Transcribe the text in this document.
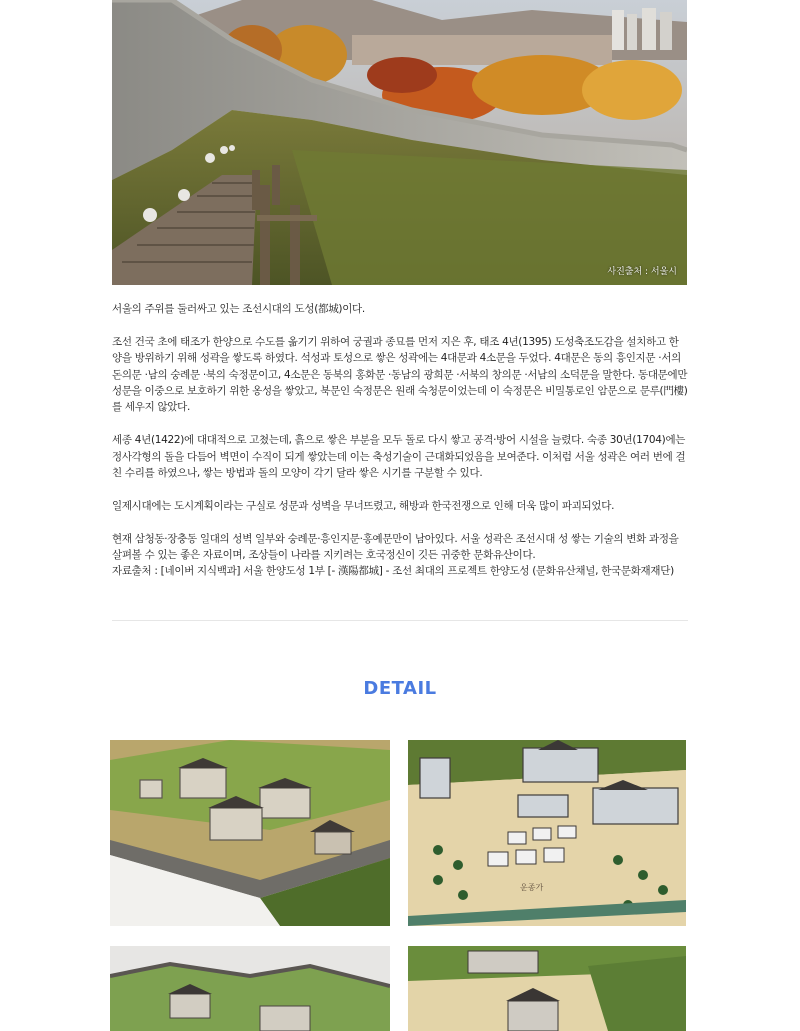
사진출처 : 서울시

서울의 주위를 둘러싸고 있는 조선시대의 도성(都城)이다.

조선 건국 초에 태조가 한양으로 수도를 옮기기 위하여 궁궐과 종묘를 먼저 지은 후, 태조 4년(1395) 도성축조도감을 설치하고 한양을 방위하기 위해 성곽을 쌓도록 하였다. 석성과 토성으로 쌓은 성곽에는 4대문과 4소문을 두었다. 4대문은 동의 흥인지문 ·서의 돈의문 ·남의 숭례문 ·북의 숙정문이고, 4소문은 동북의 홍화문 ·동남의 광희문 ·서북의 창의문 ·서남의 소덕문을 말한다. 동대문에만 성문을 이중으로 보호하기 위한 옹성을 쌓았고, 북문인 숙정문은 원래 숙청문이었는데 이 숙정문은 비밀통로인 암문으로 문루(門樓)를 세우지 않았다.

세종 4년(1422)에 대대적으로 고쳤는데, 흙으로 쌓은 부분을 모두 돌로 다시 쌓고 공격·방어 시설을 늘렸다. 숙종 30년(1704)에는 정사각형의 돌을 다듬어 벽면이 수직이 되게 쌓았는데 이는 축성기술이 근대화되었음을 보여준다. 이처럼 서울 성곽은 여러 번에 걸친 수리를 하였으나, 쌓는 방법과 돌의 모양이 각기 달라 쌓은 시기를 구분할 수 있다.

일제시대에는 도시계획이라는 구실로 성문과 성벽을 무너뜨렸고, 해방과 한국전쟁으로 인해 더욱 많이 파괴되었다.

현재 삼청동·장충동 일대의 성벽 일부와 숭례문·흥인지문·홍예문만이 남아있다. 서울 성곽은 조선시대 성 쌓는 기술의 변화 과정을 살펴볼 수 있는 좋은 자료이며, 조상들이 나라를 지키려는 호국정신이 깃든 귀중한 문화유산이다.

자료출처 : [네이버 지식백과] 서울 한양도성 1부 [- 漢陽都城] - 조선 최대의 프로젝트 한양도성 (문화유산채널, 한국문화재재단)

DETAIL
운종가
